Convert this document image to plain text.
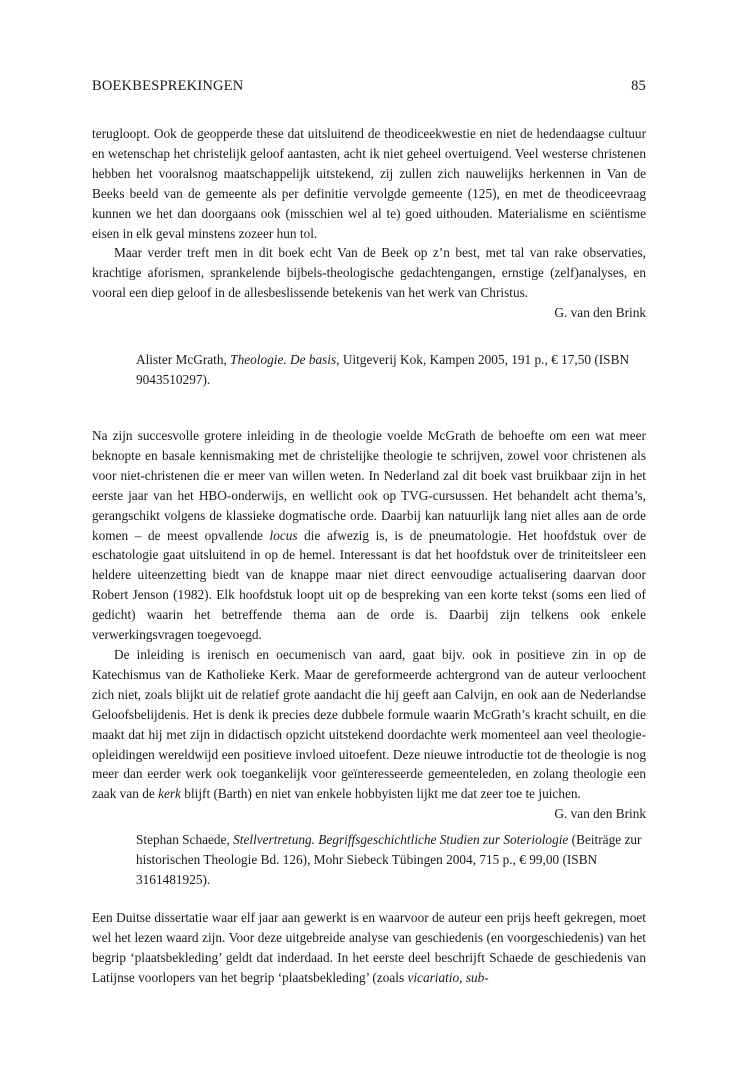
BOEKBESPREKINGEN	85

terugloopt. Ook de geopperde these dat uitsluitend de theodiceekwestie en niet de hedendaagse cultuur en wetenschap het christelijk geloof aantasten, acht ik niet geheel overtuigend. Veel westerse christenen hebben het vooralsnog maatschappelijk uitstekend, zij zullen zich nauwelijks herkennen in Van de Beeks beeld van de gemeente als per definitie vervolgde gemeente (125), en met de theodiceevraag kunnen we het dan doorgaans ook (misschien wel al te) goed uithouden. Materialisme en sciëntisme eisen in elk geval minstens zozeer hun tol.

Maar verder treft men in dit boek echt Van de Beek op z’n best, met tal van rake observaties, krachtige aforismen, sprankelende bijbels-theologische gedachtengangen, ernstige (zelf)analyses, en vooral een diep geloof in de allesbeslissende betekenis van het werk van Christus.

G. van den Brink

Alister McGrath, Theologie. De basis, Uitgeverij Kok, Kampen 2005, 191 p., € 17,50 (ISBN 9043510297).

Na zijn succesvolle grotere inleiding in de theologie voelde McGrath de behoefte om een wat meer beknopte en basale kennismaking met de christelijke theologie te schrijven, zowel voor christenen als voor niet-christenen die er meer van willen weten. In Nederland zal dit boek vast bruikbaar zijn in het eerste jaar van het HBO-onderwijs, en wellicht ook op TVG-cursussen. Het behandelt acht thema’s, gerangschikt volgens de klassieke dogmatische orde. Daarbij kan natuurlijk lang niet alles aan de orde komen – de meest opvallende locus die afwezig is, is de pneumatologie. Het hoofdstuk over de eschatologie gaat uitsluitend in op de hemel. Interessant is dat het hoofdstuk over de triniteitsleer een heldere uiteenzetting biedt van de knappe maar niet direct eenvoudige actualisering daarvan door Robert Jenson (1982). Elk hoofdstuk loopt uit op de bespreking van een korte tekst (soms een lied of gedicht) waarin het betreffende thema aan de orde is. Daarbij zijn telkens ook enkele verwerkingsvragen toegevoegd.

De inleiding is irenisch en oecumenisch van aard, gaat bijv. ook in positieve zin in op de Katechismus van de Katholieke Kerk. Maar de gereformeerde achtergrond van de auteur verloochent zich niet, zoals blijkt uit de relatief grote aandacht die hij geeft aan Calvijn, en ook aan de Nederlandse Geloofsbelijdenis. Het is denk ik precies deze dubbele formule waarin McGrath’s kracht schuilt, en die maakt dat hij met zijn in didactisch opzicht uitstekend doordachte werk momenteel aan veel theologie-opleidingen wereldwijd een positieve invloed uitoefent. Deze nieuwe introductie tot de theologie is nog meer dan eerder werk ook toegankelijk voor geïnteresseerde gemeenteleden, en zolang theologie een zaak van de kerk blijft (Barth) en niet van enkele hobbyisten lijkt me dat zeer toe te juichen.

G. van den Brink

Stephan Schaede, Stellvertretung. Begriffsgeschichtliche Studien zur Soteriologie (Beiträge zur historischen Theologie Bd. 126), Mohr Siebeck Tübingen 2004, 715 p., € 99,00 (ISBN 3161481925).

Een Duitse dissertatie waar elf jaar aan gewerkt is en waarvoor de auteur een prijs heeft gekregen, moet wel het lezen waard zijn. Voor deze uitgebreide analyse van geschiedenis (en voorgeschiedenis) van het begrip ‘plaatsbekleding’ geldt dat inderdaad. In het eerste deel beschrijft Schaede de geschiedenis van Latijnse voorlopers van het begrip ‘plaatsbekleding’ (zoals vicariatio, sub-
